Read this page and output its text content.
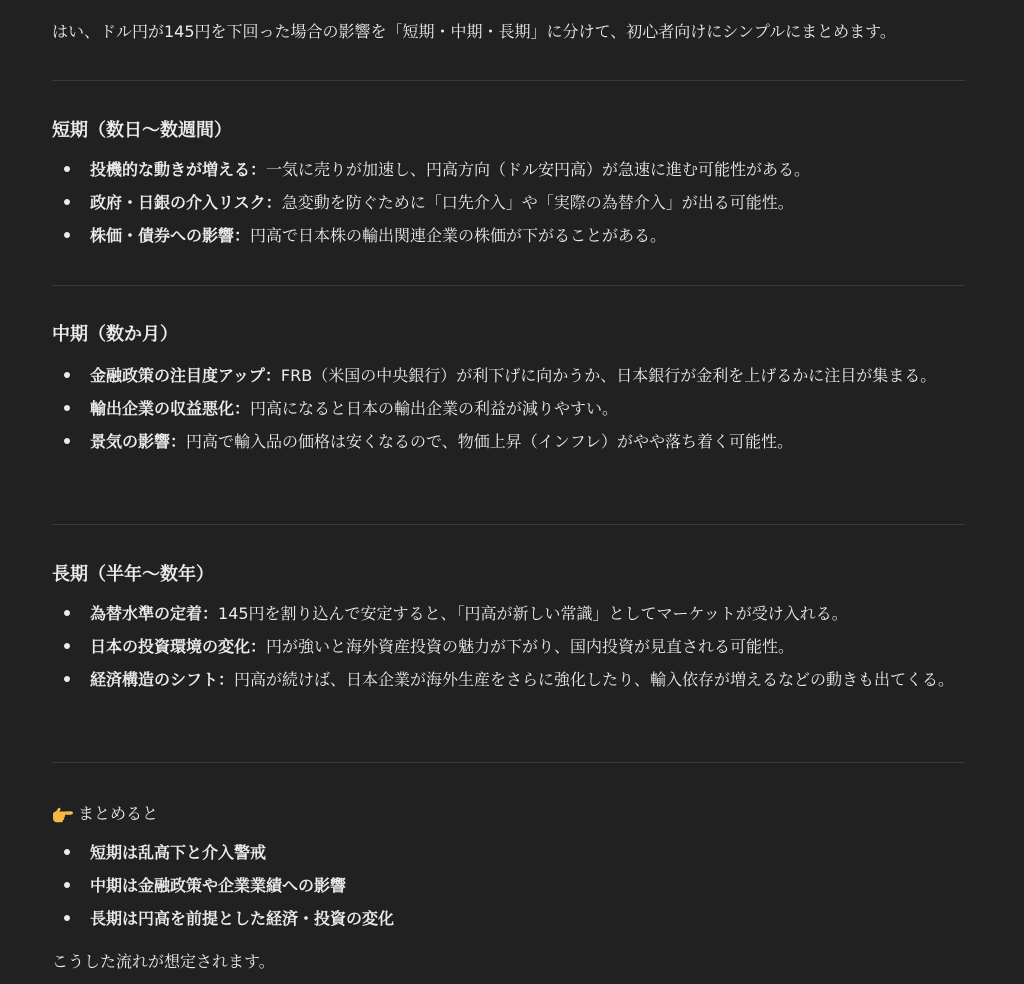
はい、ドル円が145円を下回った場合の影響を「短期・中期・長期」に分けて、初心者向けにシンプルにまとめます。
短期（数日〜数週間）
投機的な動きが増える：一気に売りが加速し、円高方向（ドル安円高）が急速に進む可能性がある。
政府・日銀の介入リスク：急変動を防ぐために「口先介入」や「実際の為替介入」が出る可能性。
株価・債券への影響：円高で日本株の輸出関連企業の株価が下がることがある。
中期（数か月）
金融政策の注目度アップ：FRB（米国の中央銀行）が利下げに向かうか、日本銀行が金利を上げるかに注目が集まる。
輸出企業の収益悪化：円高になると日本の輸出企業の利益が減りやすい。
景気の影響：円高で輸入品の価格は安くなるので、物価上昇（インフレ）がやや落ち着く可能性。
長期（半年〜数年）
為替水準の定着：145円を割り込んで安定すると、「円高が新しい常識」としてマーケットが受け入れる。
日本の投資環境の変化：円が強いと海外資産投資の魅力が下がり、国内投資が見直される可能性。
経済構造のシフト：円高が続けば、日本企業が海外生産をさらに強化したり、輸入依存が増えるなどの動きも出てくる。
まとめると
短期は乱高下と介入警戒
中期は金融政策や企業業績への影響
長期は円高を前提とした経済・投資の変化
こうした流れが想定されます。
